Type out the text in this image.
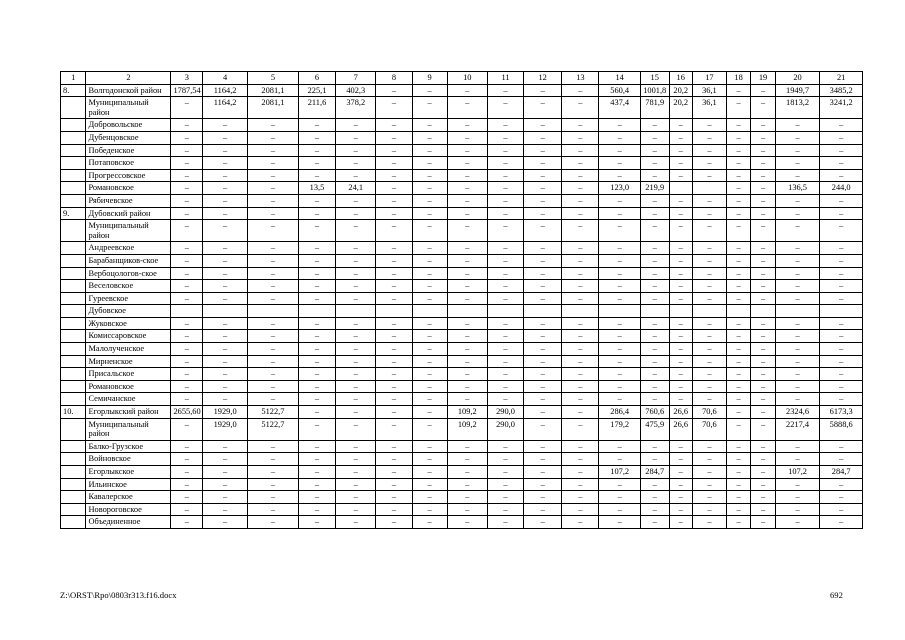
1	2	3	4	5	6	7	8	9	10	11	12	13	14	15	16	17	18	19	20	21
8.	Волгодонской район	1787,54	1164,2	2081,1	225,1	402,3	–	–	–	–	–	–	560,4	1001,8	20,2	36,1	–	–	1949,7	3485,2
	Муниципальный район	–	1164,2	2081,1	211,6	378,2	–	–	–	–	–	–	437,4	781,9	20,2	36,1	–	–	1813,2	3241,2
	Добровольское	–	–	–	–	–	–	–	–	–	–	–	–	–	–	–	–	–	–	–
	Дубенцовское	–	–	–	–	–	–	–	–	–	–	–	–	–	–	–	–	–	–	–
	Победенское	–	–	–	–	–	–	–	–	–	–	–	–	–	–	–	–	–	–	–
	Потаповское	–	–	–	–	–	–	–	–	–	–	–	–	–	–	–	–	–	–	–
	Прогрессовское	–	–	–	–	–	–	–	–	–	–	–	–	–	–	–	–	–	–	–
	Романовское	–	–	–	13,5	24,1	–	–	–	–	–	–	123,0	219,9			–	–	136,5	244,0
	Рябичевское	–	–	–	–	–	–	–	–	–	–	–	–	–	–	–	–	–	–	–
9.	Дубовский район	–	–	–	–	–	–	–	–	–	–	–	–	–	–	–	–	–	–	–
	Муниципальный район	–	–	–	–	–	–	–	–	–	–	–	–	–	–	–	–	–	–	–
	Андреевское	–	–	–	–	–	–	–	–	–	–	–	–	–	–	–	–	–	–	–
	Барабанщиков-ское	–	–	–	–	–	–	–	–	–	–	–	–	–	–	–	–	–	–	–
	Вербоцологов-ское	–	–	–	–	–	–	–	–	–	–	–	–	–	–	–	–	–	–	–
	Веселовское	–	–	–	–	–	–	–	–	–	–	–	–	–	–	–	–	–	–	–
	Гуреевское	–	–	–	–	–	–	–	–	–	–	–	–	–	–	–	–	–	–	–
	Дубовское																			
	Жуковское	–	–	–	–	–	–	–	–	–	–	–	–	–	–	–	–	–	–	–
	Комиссаровское	–	–	–	–	–	–	–	–	–	–	–	–	–	–	–	–	–	–	–
	Малолученское	–	–	–	–	–	–	–	–	–	–	–	–	–	–	–	–	–	–	–
	Мирненское	–	–	–	–	–	–	–	–	–	–	–	–	–	–	–	–	–	–	–
	Присальское	–	–	–	–	–	–	–	–	–	–	–	–	–	–	–	–	–	–	–
	Романовское	–	–	–	–	–	–	–	–	–	–	–	–	–	–	–	–	–	–	–
	Семичанское	–	–	–	–	–	–	–	–	–	–	–	–	–	–	–	–	–	–	–
10.	Егорлыкский район	2655,60	1929,0	5122,7	–	–	–	–	109,2	290,0	–	–	286,4	760,6	26,6	70,6	–	–	2324,6	6173,3
	Муниципальный район	–	1929,0	5122,7	–	–	–	–	109,2	290,0	–	–	179,2	475,9	26,6	70,6	–	–	2217,4	5888,6
	Балко-Грузское	–	–	–	–	–	–	–	–	–	–	–	–	–	–	–	–	–	–	–
	Войновское	–	–	–	–	–	–	–	–	–	–	–	–	–	–	–	–	–	–	–
	Егорлыкское	–	–	–	–	–	–	–	–	–	–	–	107,2	284,7	–	–	–	–	107,2	284,7
	Ильинское	–	–	–	–	–	–	–	–	–	–	–	–	–	–	–	–	–	–	–
	Кавалерское	–	–	–	–	–	–	–	–	–	–	–	–	–	–	–	–	–	–	–
	Новороговское	–	–	–	–	–	–	–	–	–	–	–	–	–	–	–	–	–	–	–
	Объединенное	–	–	–	–	–	–	–	–	–	–	–	–	–	–	–	–	–	–	–
Z:\ORST\Rpo\0803r313.f16.docx	692
